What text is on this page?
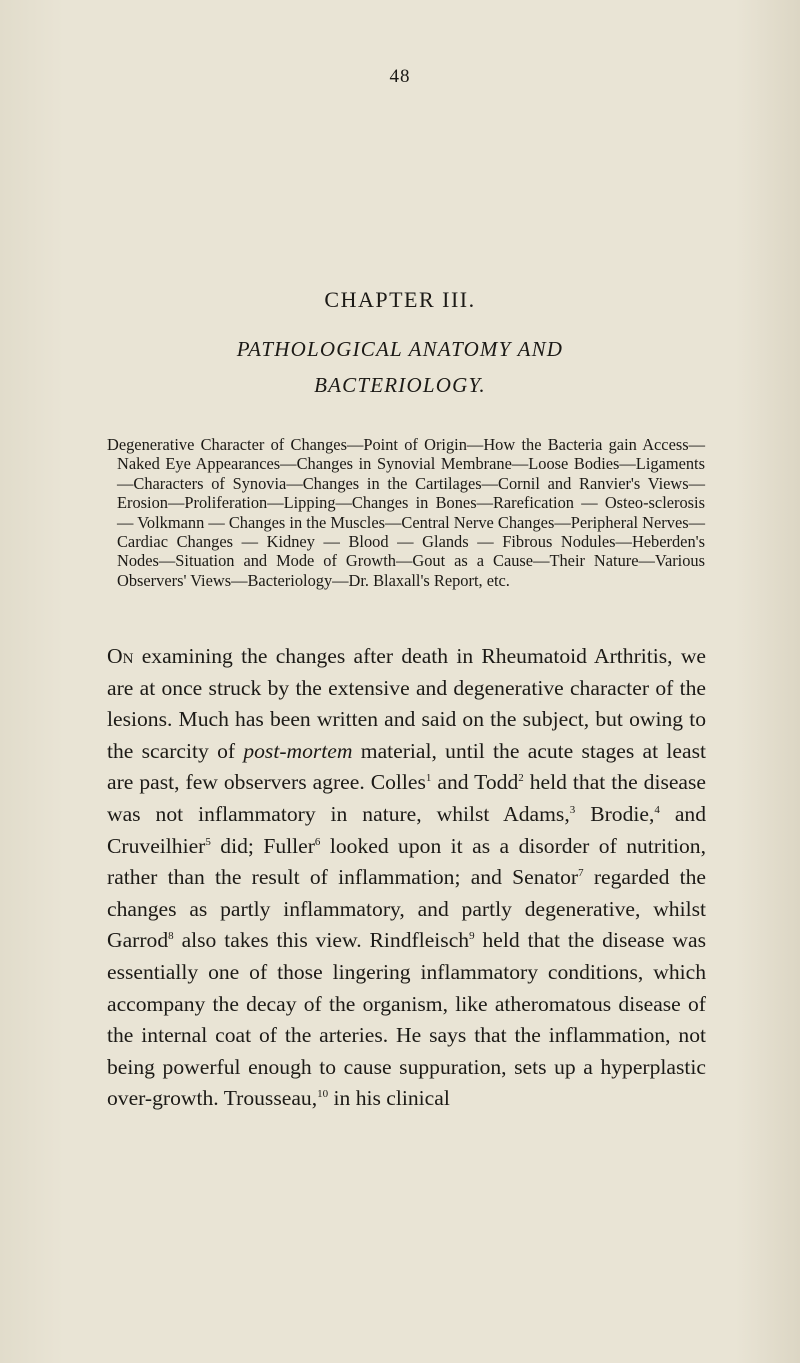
48
CHAPTER III.
PATHOLOGICAL ANATOMY AND
BACTERIOLOGY.
Degenerative Character of Changes—Point of Origin—How the Bacteria gain Access—Naked Eye Appearances—Changes in Synovial Membrane—Loose Bodies—Ligaments—Characters of Synovia—Changes in the Cartilages—Cornil and Ranvier's Views—Erosion—Proliferation—Lipping—Changes in Bones—Rarefication — Osteo-sclerosis — Volkmann — Changes in the Muscles—Central Nerve Changes—Peripheral Nerves—Cardiac Changes — Kidney — Blood — Glands — Fibrous Nodules—Heberden's Nodes—Situation and Mode of Growth—Gout as a Cause—Their Nature—Various Observers' Views—Bacteriology—Dr. Blaxall's Report, etc.
On examining the changes after death in Rheumatoid Arthritis, we are at once struck by the extensive and degenerative character of the lesions. Much has been written and said on the subject, but owing to the scarcity of post-mortem material, until the acute stages at least are past, few observers agree. Colles$^1$ and Todd$^2$ held that the disease was not inflammatory in nature, whilst Adams,$^3$ Brodie,$^4$ and Cruveilhier$^5$ did; Fuller$^6$ looked upon it as a disorder of nutrition, rather than the result of inflammation; and Senator$^7$ regarded the changes as partly inflammatory, and partly degenerative, whilst Garrod$^8$ also takes this view. Rindfleisch$^9$ held that the disease was essentially one of those lingering inflammatory conditions, which accompany the decay of the organism, like atheromatous disease of the internal coat of the arteries. He says that the inflammation, not being powerful enough to cause suppuration, sets up a hyperplastic over-growth. Trousseau,$^{10}$ in his clinical
